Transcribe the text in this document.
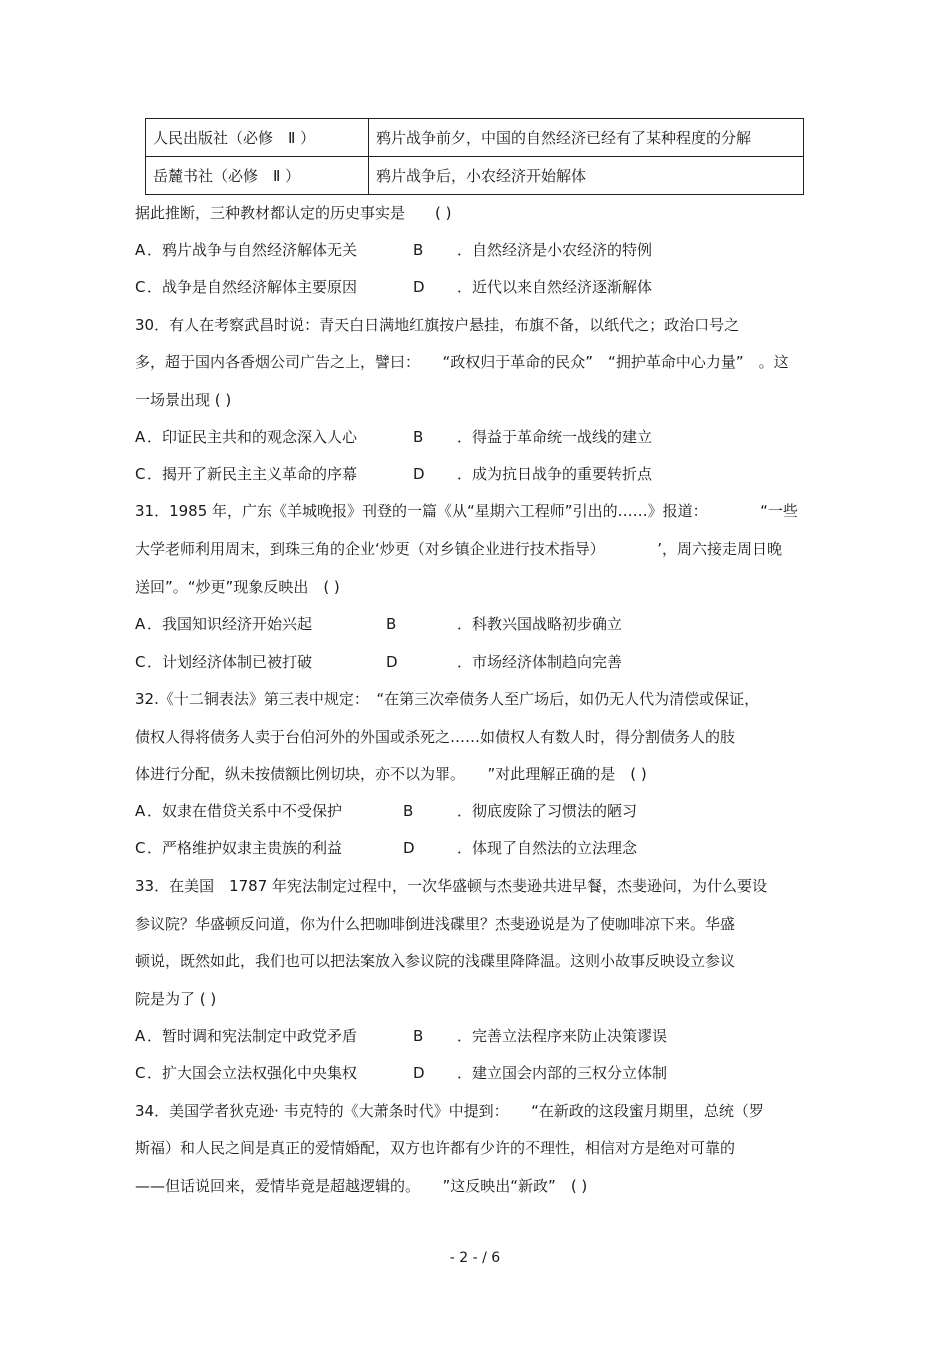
人民出版社（必修　Ⅱ ）	鸦片战争前夕，中国的自然经济已经有了某种程度的分解
岳麓书社（必修　Ⅱ ）	鸦片战争后，小农经济开始解体
据此推断，三种教材都认定的历史事实是　　( )
A ．鸦片战争与自然经济解体无关	B ．自然经济是小农经济的特例
C ．战争是自然经济解体主要原因	D ．近代以来自然经济逐渐解体
30．有人在考察武昌时说：青天白日满地红旗按户悬挂，布旗不备，以纸代之；政治口号之
多，超于国内各香烟公司广告之上，譬曰：　　“政权归于革命的民众”　“拥护革命中心力量”　。这
一场景出现 ( )
A ．印证民主共和的观念深入人心	B ．得益于革命统一战线的建立
C ．揭开了新民主主义革命的序幕	D ．成为抗日战争的重要转折点
31．1985 年，广东《羊城晚报》刊登的一篇《从“星期六工程师”引出的……》报道：　　　　“一些
大学老师利用周末，到珠三角的企业‘炒更（对乡镇企业进行技术指导）　　　　’，周六接走周日晚
送回”。“炒更”现象反映出　( )
A ．我国知识经济开始兴起	B	．科教兴国战略初步确立
C ．计划经济体制已被打破	D	．市场经济体制趋向完善
32.《十二铜表法》第三表中规定：　“在第三次牵债务人至广场后，如仍无人代为清偿或保证，
债权人得将债务人卖于台伯河外的外国或杀死之……如债权人有数人时，得分割债务人的肢
体进行分配，纵未按债额比例切块，亦不以为罪。　　”对此理解正确的是　( )
A ．奴隶在借贷关系中不受保护	B	．彻底废除了习惯法的陋习
C ．严格维护奴隶主贵族的利益	D	．体现了自然法的立法理念
33．在美国　1787 年宪法制定过程中，一次华盛顿与杰斐逊共进早餐，杰斐逊问，为什么要设
参议院？华盛顿反问道，你为什么把咖啡倒进浅碟里？杰斐逊说是为了使咖啡凉下来。华盛
顿说，既然如此，我们也可以把法案放入参议院的浅碟里降降温。这则小故事反映设立参议
院是为了 ( )
A ．暂时调和宪法制定中政党矛盾	B ．完善立法程序来防止决策谬误
C ．扩大国会立法权强化中央集权	D ．建立国会内部的三权分立体制
34．美国学者狄克逊· 韦克特的《大萧条时代》中提到：　　“在新政的这段蜜月期里，总统（罗
斯福）和人民之间是真正的爱情婚配，双方也许都有少许的不理性，相信对方是绝对可靠的
——但话说回来，爱情毕竟是超越逻辑的。　　”这反映出“新政”　( )
- 2 - / 6
